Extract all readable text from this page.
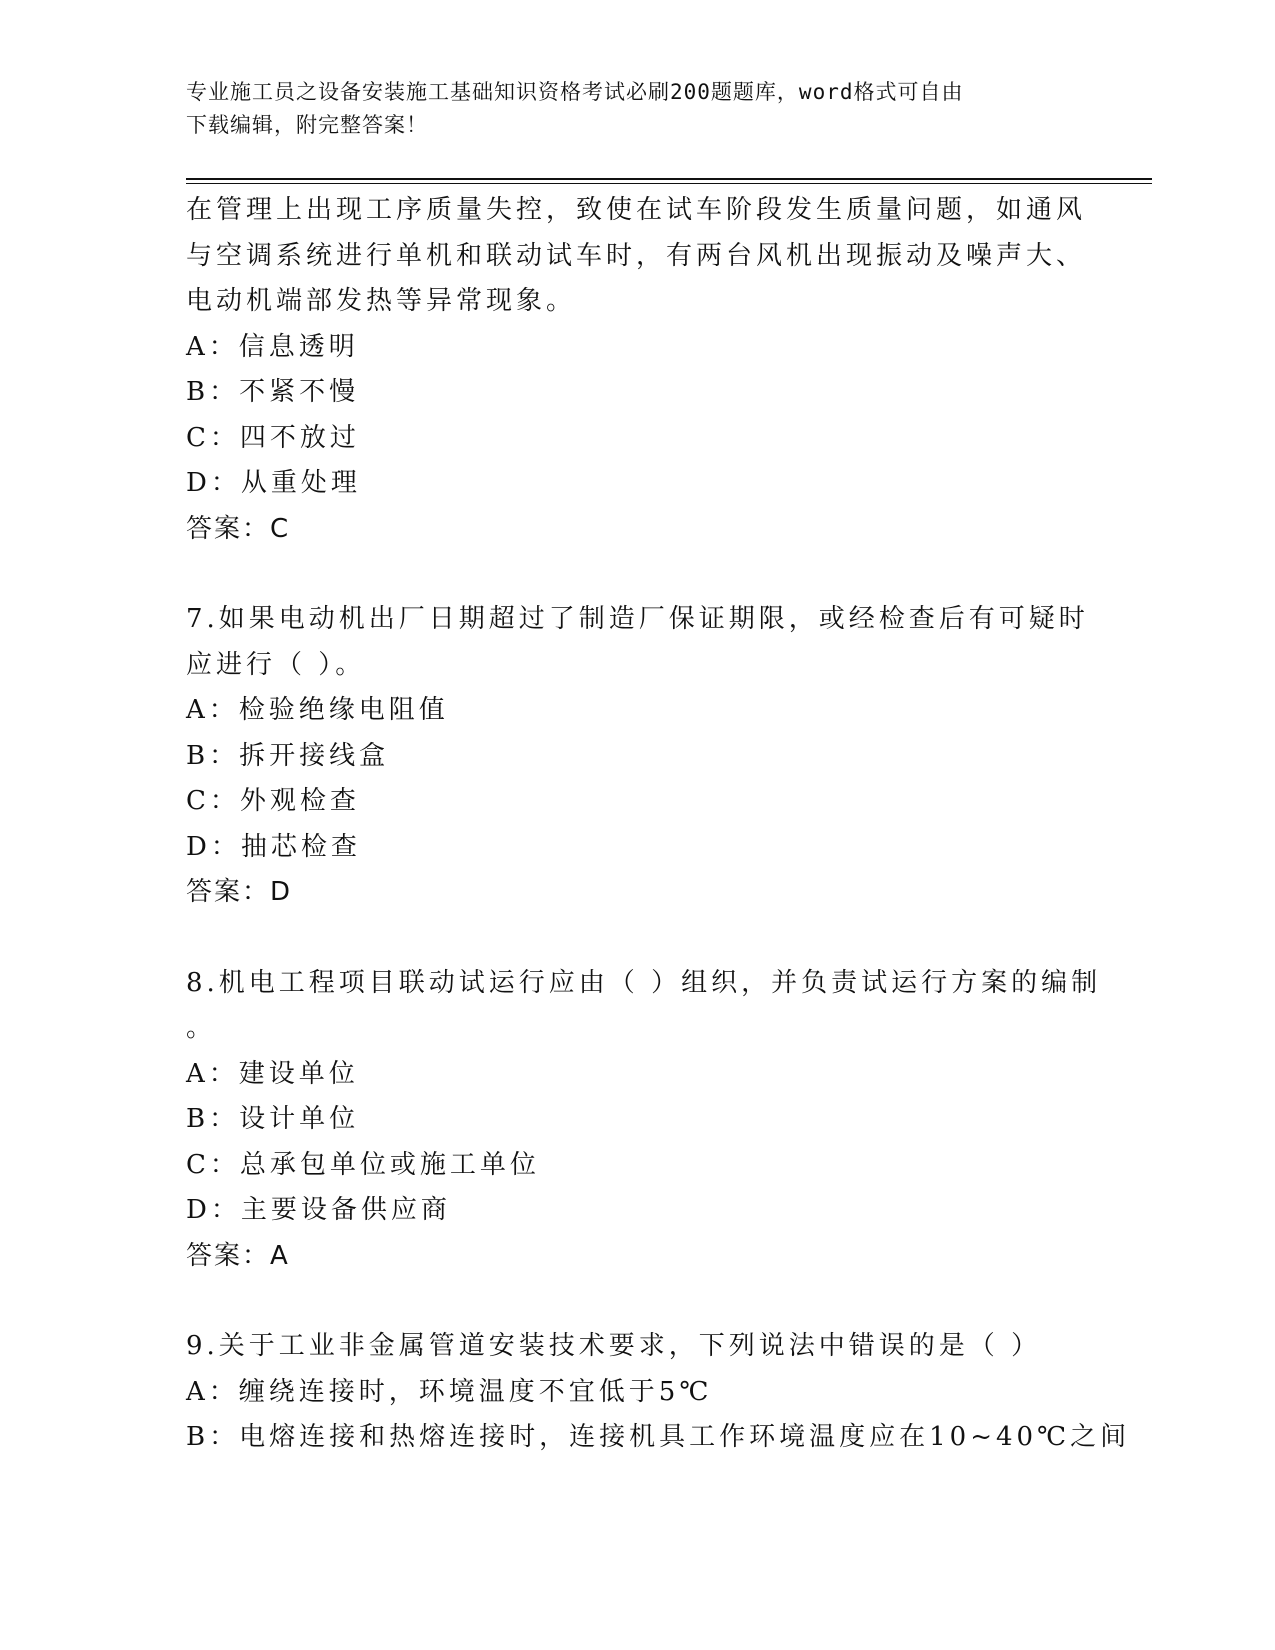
专业施工员之设备安装施工基础知识资格考试必刷200题题库，word格式可自由
下载编辑，附完整答案！
在管理上出现工序质量失控，致使在试车阶段发生质量问题，如通风
与空调系统进行单机和联动试车时，有两台风机出现振动及噪声大、
电动机端部发热等异常现象。
A：信息透明
B：不紧不慢
C：四不放过
D：从重处理
答案：C
7.如果电动机出厂日期超过了制造厂保证期限，或经检查后有可疑时
应进行（ ）。
A：检验绝缘电阻值
B：拆开接线盒
C：外观检查
D：抽芯检查
答案：D
8.机电工程项目联动试运行应由（ ）组织，并负责试运行方案的编制
。
A：建设单位
B：设计单位
C：总承包单位或施工单位
D：主要设备供应商
答案：A
9.关于工业非金属管道安装技术要求，下列说法中错误的是（ ）
A：缠绕连接时，环境温度不宜低于5℃
B：电熔连接和热熔连接时，连接机具工作环境温度应在10~40℃之间
